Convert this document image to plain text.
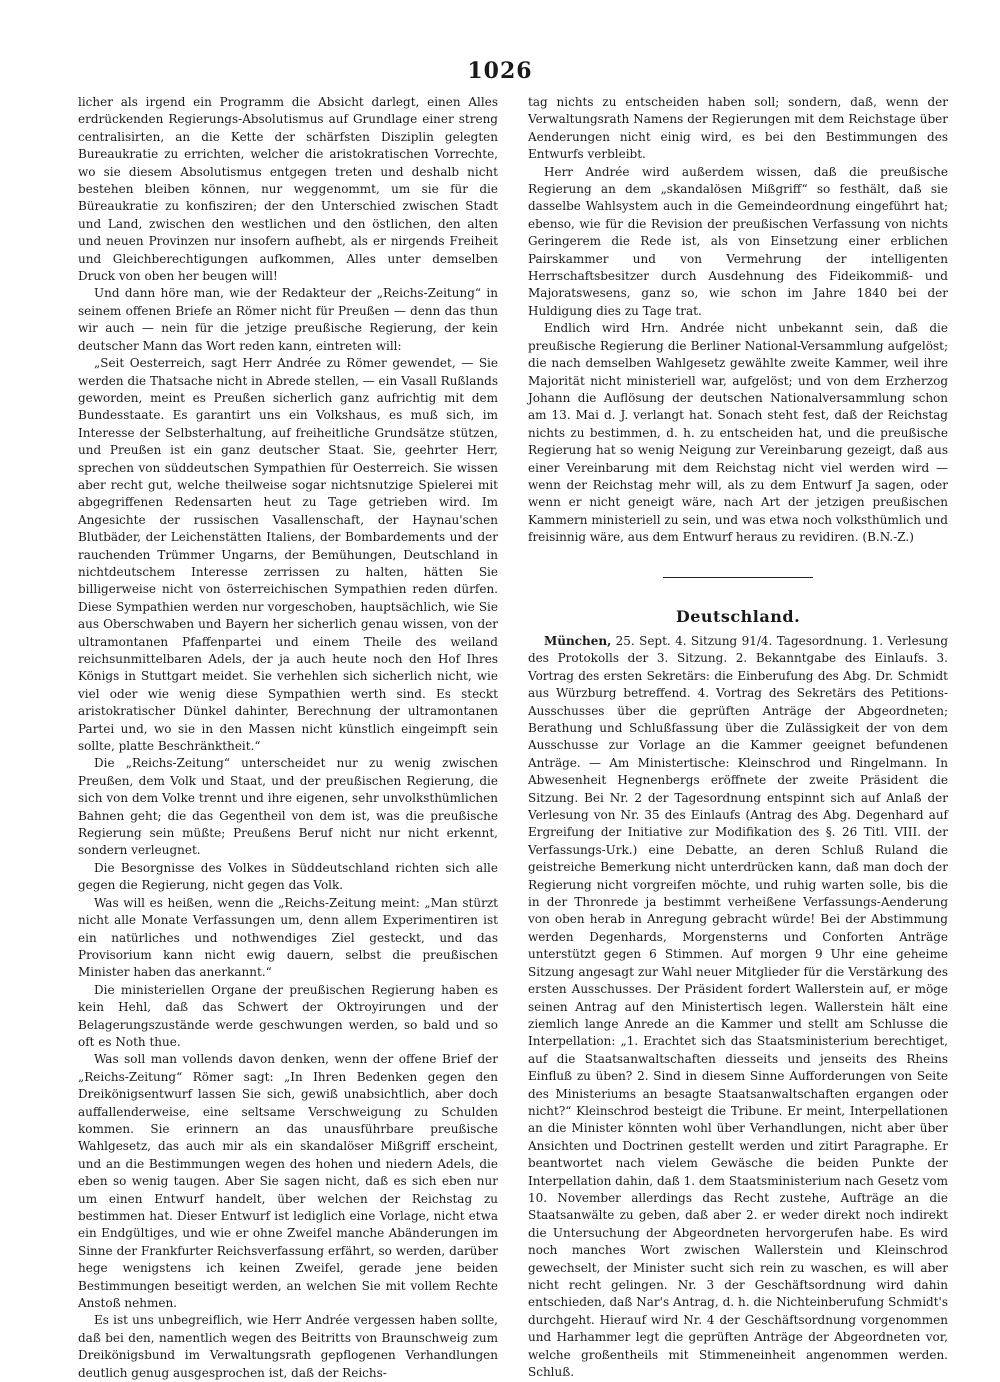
1026

licher als irgend ein Programm die Absicht darlegt, einen Alles erdrückenden Regierungs-Absolutismus auf Grundlage einer streng centralisirten, an die Kette der schärfsten Disziplin gelegten Bureaukratie zu errichten, welcher die aristokratischen Vorrechte, wo sie diesem Absolutismus entgegen treten und deshalb nicht bestehen bleiben können, nur weggenommt, um sie für die Büreaukratie zu konfisziren; der den Unterschied zwischen Stadt und Land, zwischen den westlichen und den östlichen, den alten und neuen Provinzen nur insofern aufhebt, als er nirgends Freiheit und Gleichberechtigungen aufkommen, Alles unter demselben Druck von oben her beugen will!

Und dann höre man, wie der Redakteur der „Reichs-Zeitung“ in seinem offenen Briefe an Römer nicht für Preußen — denn das thun wir auch — nein für die jetzige preußische Regierung, der kein deutscher Mann das Wort reden kann, eintreten will:

„Seit Oesterreich, sagt Herr Andrée zu Römer gewendet, — Sie werden die Thatsache nicht in Abrede stellen, — ein Vasall Rußlands geworden, meint es Preußen sicherlich ganz aufrichtig mit dem Bundesstaate. Es garantirt uns ein Volkshaus, es muß sich, im Interesse der Selbsterhaltung, auf freiheitliche Grundsätze stützen, und Preußen ist ein ganz deutscher Staat. Sie, geehrter Herr, sprechen von süddeutschen Sympathien für Oesterreich. Sie wissen aber recht gut, welche theilweise sogar nichtsnutzige Spielerei mit abgegriffenen Redensarten heut zu Tage getrieben wird. Im Angesichte der russischen Vasallenschaft, der Haynau'schen Blutbäder, der Leichenstätten Italiens, der Bombardements und der rauchenden Trümmer Ungarns, der Bemühungen, Deutschland in nichtdeutschem Interesse zerrissen zu halten, hätten Sie billigerweise nicht von österreichischen Sympathien reden dürfen. Diese Sympathien werden nur vorgeschoben, hauptsächlich, wie Sie aus Oberschwaben und Bayern her sicherlich genau wissen, von der ultramontanen Pfaffenpartei und einem Theile des weiland reichsunmittelbaren Adels, der ja auch heute noch den Hof Ihres Königs in Stuttgart meidet. Sie verhehlen sich sicherlich nicht, wie viel oder wie wenig diese Sympathien werth sind. Es steckt aristokratischer Dünkel dahinter, Berechnung der ultramontanen Partei und, wo sie in den Massen nicht künstlich eingeimpft sein sollte, platte Beschränktheit.“

Die „Reichs-Zeitung“ unterscheidet nur zu wenig zwischen Preußen, dem Volk und Staat, und der preußischen Regierung, die sich von dem Volke trennt und ihre eigenen, sehr unvolksthümlichen Bahnen geht; die das Gegentheil von dem ist, was die preußische Regierung sein müßte; Preußens Beruf nicht nur nicht erkennt, sondern verleugnet.

Die Besorgnisse des Volkes in Süddeutschland richten sich alle gegen die Regierung, nicht gegen das Volk.

Was will es heißen, wenn die „Reichs-Zeitung meint: „Man stürzt nicht alle Monate Verfassungen um, denn allem Experimentiren ist ein natürliches und nothwendiges Ziel gesteckt, und das Provisorium kann nicht ewig dauern, selbst die preußischen Minister haben das anerkannt.“

Die ministeriellen Organe der preußischen Regierung haben es kein Hehl, daß das Schwert der Oktroyirungen und der Belagerungszustände werde geschwungen werden, so bald und so oft es Noth thue.

Was soll man vollends davon denken, wenn der offene Brief der „Reichs-Zeitung“ Römer sagt: „In Ihren Bedenken gegen den Dreikönigsentwurf lassen Sie sich, gewiß unabsichtlich, aber doch auffallenderweise, eine seltsame Verschweigung zu Schulden kommen. Sie erinnern an das unausführbare preußische Wahlgesetz, das auch mir als ein skandalöser Mißgriff erscheint, und an die Bestimmungen wegen des hohen und niedern Adels, die eben so wenig taugen. Aber Sie sagen nicht, daß es sich eben nur um einen Entwurf handelt, über welchen der Reichstag zu bestimmen hat. Dieser Entwurf ist lediglich eine Vorlage, nicht etwa ein Endgültiges, und wie er ohne Zweifel manche Abänderungen im Sinne der Frankfurter Reichsverfassung erfährt, so werden, darüber hege wenigstens ich keinen Zweifel, gerade jene beiden Bestimmungen beseitigt werden, an welchen Sie mit vollem Rechte Anstoß nehmen.

Es ist uns unbegreiflich, wie Herr Andrée vergessen haben sollte, daß bei den, namentlich wegen des Beitritts von Braunschweig zum Dreikönigsbund im Verwaltungsrath gepflogenen Verhandlungen deutlich genug ausgesprochen ist, daß der Reichs-

tag nichts zu entscheiden haben soll; sondern, daß, wenn der Verwaltungsrath Namens der Regierungen mit dem Reichstage über Aenderungen nicht einig wird, es bei den Bestimmungen des Entwurfs verbleibt.

Herr Andrée wird außerdem wissen, daß die preußische Regierung an dem „skandalösen Mißgriff“ so festhält, daß sie dasselbe Wahlsystem auch in die Gemeindeordnung eingeführt hat; ebenso, wie für die Revision der preußischen Verfassung von nichts Geringerem die Rede ist, als von Einsetzung einer erblichen Pairskammer und von Vermehrung der intelligenten Herrschaftsbesitzer durch Ausdehnung des Fideikommiß- und Majoratswesens, ganz so, wie schon im Jahre 1840 bei der Huldigung dies zu Tage trat.

Endlich wird Hrn. Andrée nicht unbekannt sein, daß die preußische Regierung die Berliner National-Versammlung aufgelöst; die nach demselben Wahlgesetz gewählte zweite Kammer, weil ihre Majorität nicht ministeriell war, aufgelöst; und von dem Erzherzog Johann die Auflösung der deutschen Nationalversammlung schon am 13. Mai d. J. verlangt hat. Sonach steht fest, daß der Reichstag nichts zu bestimmen, d. h. zu entscheiden hat, und die preußische Regierung hat so wenig Neigung zur Vereinbarung gezeigt, daß aus einer Vereinbarung mit dem Reichstag nicht viel werden wird — wenn der Reichstag mehr will, als zu dem Entwurf Ja sagen, oder wenn er nicht geneigt wäre, nach Art der jetzigen preußischen Kammern ministeriell zu sein, und was etwa noch volksthümlich und freisinnig wäre, aus dem Entwurf heraus zu revidiren. (B.N.-Z.)

Deutschland.

München, 25. Sept. 4. Sitzung 91/4. Tagesordnung. 1. Verlesung des Protokolls der 3. Sitzung. 2. Bekanntgabe des Einlaufs. 3. Vortrag des ersten Sekretärs: die Einberufung des Abg. Dr. Schmidt aus Würzburg betreffend. 4. Vortrag des Sekretärs des Petitions-Ausschusses über die geprüften Anträge der Abgeordneten; Berathung und Schlußfassung über die Zulässigkeit der von dem Ausschusse zur Vorlage an die Kammer geeignet befundenen Anträge. — Am Ministertische: Kleinschrod und Ringelmann. In Abwesenheit Hegnenbergs eröffnete der zweite Präsident die Sitzung. Bei Nr. 2 der Tagesordnung entspinnt sich auf Anlaß der Verlesung von Nr. 35 des Einlaufs (Antrag des Abg. Degenhard auf Ergreifung der Initiative zur Modifikation des §. 26 Titl. VIII. der Verfassungs-Urk.) eine Debatte, an deren Schluß Ruland die geistreiche Bemerkung nicht unterdrücken kann, daß man doch der Regierung nicht vorgreifen möchte, und ruhig warten solle, bis die in der Thronrede ja bestimmt verheißene Verfassungs-Aenderung von oben herab in Anregung gebracht würde! Bei der Abstimmung werden Degenhards, Morgensterns und Conforten Anträge unterstützt gegen 6 Stimmen. Auf morgen 9 Uhr eine geheime Sitzung angesagt zur Wahl neuer Mitglieder für die Verstärkung des ersten Ausschusses. Der Präsident fordert Wallerstein auf, er möge seinen Antrag auf den Ministertisch legen. Wallerstein hält eine ziemlich lange Anrede an die Kammer und stellt am Schlusse die Interpellation: „1. Erachtet sich das Staatsministerium berechtiget, auf die Staatsanwaltschaften diesseits und jenseits des Rheins Einfluß zu üben? 2. Sind in diesem Sinne Aufforderungen von Seite des Ministeriums an besagte Staatsanwaltschaften ergangen oder nicht?“ Kleinschrod besteigt die Tribune. Er meint, Interpellationen an die Minister könnten wohl über Verhandlungen, nicht aber über Ansichten und Doctrinen gestellt werden und zitirt Paragraphe. Er beantwortet nach vielem Gewäsche die beiden Punkte der Interpellation dahin, daß 1. dem Staatsministerium nach Gesetz vom 10. November allerdings das Recht zustehe, Aufträge an die Staatsanwälte zu geben, daß aber 2. er weder direkt noch indirekt die Untersuchung der Abgeordneten hervorgerufen habe. Es wird noch manches Wort zwischen Wallerstein und Kleinschrod gewechselt, der Minister sucht sich rein zu waschen, es will aber nicht recht gelingen. Nr. 3 der Geschäftsordnung wird dahin entschieden, daß Nar's Antrag, d. h. die Nichteinberufung Schmidt's durchgeht. Hierauf wird Nr. 4 der Geschäftsordnung vorgenommen und Harhammer legt die geprüften Anträge der Abgeordneten vor, welche großentheils mit Stimmeneinheit angenommen werden. Schluß.
